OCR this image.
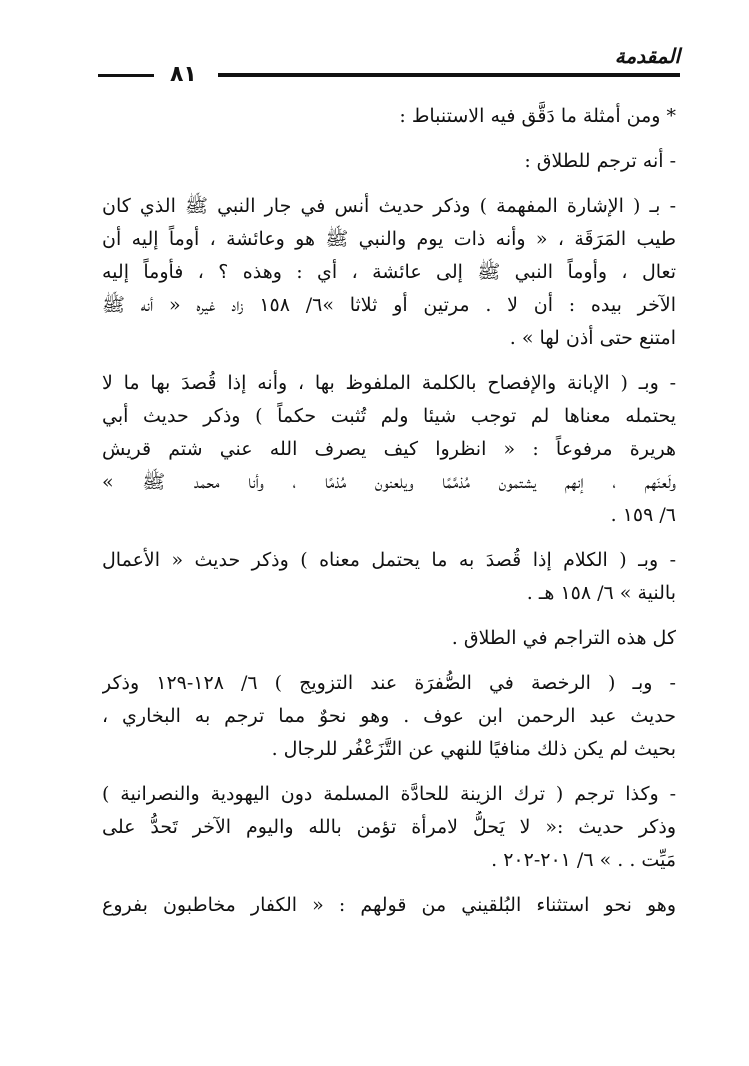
المقدمة
٨١
* ومن أمثلة ما دَقَّق فيه الاستنباط :
- أنه ترجم للطلاق :
- بـ ( الإشارة المفهمة ) وذكر حديث أنس في جار النبي ﷺ الذي كان
طيب المَرَقَة ، « وأنه ذات يوم والنبي ﷺ هو وعائشة ، أوماً إليه أن
تعال ، وأوماً النبي ﷺ إلى عائشة ، أي : وهذه ؟ ، فأوماً إليه
الآخر بيده : أن لا . مرتين أو ثلاثا »٦/ ١٥٨ زاد غيره « أنه ﷺ
امتنع حتى أذن لها » .
- وبـ ( الإبانة والإفصاح بالكلمة الملفوظ بها ، وأنه إذا قُصدَ بها ما لا
يحتمله معناها لم توجب شيئا ولم تُثبت حكماً ) وذكر حديث أبي
هريرة مرفوعاً : « انظروا كيف يصرف الله عني شتم قريش
ولَعنَهم ، إنهم يشتمون مُذمَّمًا ويلعنون مُذمًا ، وأنا محمد ﷺ »
٦/ ١٥٩ .
- وبـ ( الكلام إذا قُصدَ به ما يحتمل معناه ) وذكر حديث « الأعمال
بالنية » ٦/ ١٥٨ هـ .
كل هذه التراجم في الطلاق .
- وبـ ( الرخصة في الصُّفرَة عند التزويج ) ٦/ ١٢٨-١٢٩ وذكر
حديث عبد الرحمن ابن عوف . وهو نحوٌ مما ترجم به البخاري ،
بحيث لم يكن ذلك منافيًا للنهي عن التَّزَعْفُر للرجال .
- وكذا ترجم ( ترك الزينة للحادَّة المسلمة دون اليهودية والنصرانية )
وذكر حديث :« لا يَحلُّ لامرأة تؤمن بالله واليوم الآخر تَحدُّ على
مَيِّت . . » ٦/ ٢٠١-٢٠٢ .
وهو نحو استثناء البُلقيني من قولهم : « الكفار مخاطبون بفروع
